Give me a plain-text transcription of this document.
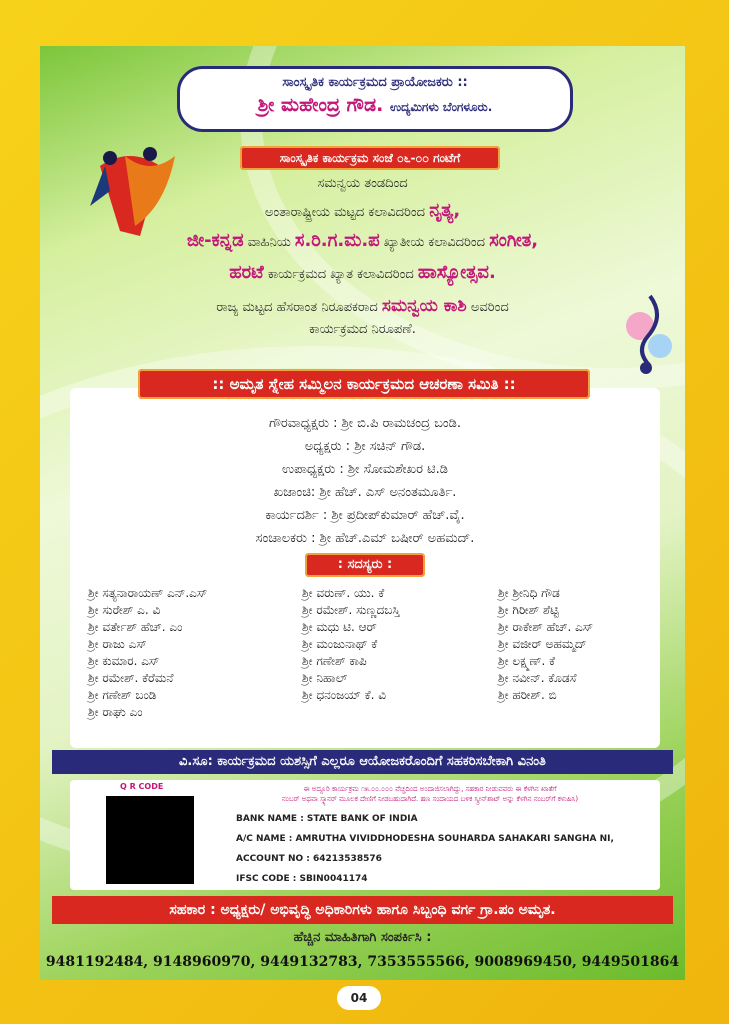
ಸಾಂಸ್ಕೃತಿಕ ಕಾರ್ಯಕ್ರಮದ ಪ್ರಾಯೋಜಕರು ::
ಶ್ರೀ ಮಹೇಂದ್ರ ಗೌಡ. ಉದ್ಯಮಿಗಳು ಬೆಂಗಳೂರು.
ಸಾಂಸ್ಕೃತಿಕ ಕಾರ್ಯಕ್ರಮ ಸಂಜೆ ೦೬-೦೦ ಗಂಟೆಗೆ
ಸಮನ್ವಯ ತಂಡದಿಂದ
ಅಂತಾರಾಷ್ಟ್ರೀಯ ಮಟ್ಟದ ಕಲಾವಿದರಿಂದ ನೃತ್ಯ,
ಜೀ-ಕನ್ನಡ ವಾಹಿನಿಯ ಸ.ರಿ.ಗ.ಮ.ಪ ಖ್ಯಾತೀಯ ಕಲಾವಿದರಿಂದ ಸಂಗೀತ,
ಹರಟೆ ಕಾರ್ಯಕ್ರಮದ ಖ್ಯಾತ ಕಲಾವಿದರಿಂದ ಹಾಸ್ಯೋತ್ಸವ.
ರಾಜ್ಯ ಮಟ್ಟದ ಹೆಸರಾಂತ ನಿರೂಪಕರಾದ ಸಮನ್ವಯ ಕಾಶಿ ಅವರಿಂದ
ಕಾರ್ಯಕ್ರಮದ ನಿರೂಪಣೆ.
ಗೌರವಾಧ್ಯಕ್ಷರು : ಶ್ರೀ ಬಿ.ಪಿ ರಾಮಚಂದ್ರ ಬಂಡಿ.
ಅಧ್ಯಕ್ಷರು : ಶ್ರೀ ಸಚಿನ್ ಗೌಡ.
ಉಪಾಧ್ಯಕ್ಷರು : ಶ್ರೀ ಸೋಮಶೇಖರ ಟಿ.ಡಿ
ಖಜಾಂಚಿ: ಶ್ರೀ ಹೆಚ್. ಎಸ್ ಅನಂತಮೂರ್ತಿ.
ಕಾರ್ಯದರ್ಶಿ : ಶ್ರೀ ಪ್ರದೀಪ್‌ಕುಮಾರ್ ಹೆಚ್.ವೈ.
ಸಂಚಾಲಕರು : ಶ್ರೀ ಹೆಚ್.ಎಮ್ ಬಷೀರ್ ಅಹಮದ್.
:: ಅಮೃತ ಸ್ನೇಹ ಸಮ್ಮಿಲನ ಕಾರ್ಯಕ್ರಮದ ಆಚರಣಾ ಸಮಿತಿ ::
: ಸದಸ್ಯರು :
ಶ್ರೀ ಸತ್ಯನಾರಾಯಣ್ ಎನ್.ಎಸ್
ಶ್ರೀ ಸುರೇಶ್ ಎ. ವಿ
ಶ್ರೀ ವರ್ತೇಶ್ ಹೆಚ್. ಎಂ
ಶ್ರೀ ರಾಜು ಎಸ್
ಶ್ರೀ ಕುಮಾರ. ಎಸ್
ಶ್ರೀ ರಮೇಶ್. ಕೆರೆಮನೆ
ಶ್ರೀ ಗಣೇಶ್ ಬಂಡಿ
ಶ್ರೀ ರಾಘು ಎಂ
ಶ್ರೀ ವರುಣ್. ಯು. ಕೆ
ಶ್ರೀ ರಮೇಶ್. ಸುಣ್ಣದಬಸ್ತಿ
ಶ್ರೀ ಮಧು ಟಿ. ಆರ್
ಶ್ರೀ ಮಂಜುನಾಥ್ ಕೆ
ಶ್ರೀ ಗಣೇಶ್ ಕಾಪಿ
ಶ್ರೀ ನಿಹಾಲ್
ಶ್ರೀ ಧನಂಜಯ್ ಕೆ. ವಿ
ಶ್ರೀ ಶ್ರೀನಿಧಿ ಗೌಡ
ಶ್ರೀ ಗಿರೀಶ್ ಶೆಟ್ಟಿ
ಶ್ರೀ ರಾಕೇಶ್ ಹೆಚ್. ಎಸ್
ಶ್ರೀ ವಜೀರ್ ಅಹಮ್ಮದ್
ಶ್ರೀ ಲಕ್ಷ್ಮಣ್. ಕೆ
ಶ್ರೀ ನವೀನ್. ಕೊಡಸೆ
ಶ್ರೀ ಹರೀಶ್. ಬಿ
ವಿ.ಸೂ: ಕಾರ್ಯಕ್ರಮದ ಯಶಸ್ಸಿಗೆ ಎಲ್ಲರೂ ಆಯೋಜಕರೊಂದಿಗೆ ಸಹಕರಿಸಬೇಕಾಗಿ ವಿನಂತಿ
Q R CODE	ಈ ಅದ್ದೂರಿ ಕಾರ್ಯಕ್ರಮ ೧೫.೦೦.೦೦೦ ವೆಚ್ಚದಿಂದ ಅಂದಾಜಿಸಲಾಗಿದ್ದು, ಸಹಕಾರ ನೀಡುವವರು ಈ ಕೆಳಗಿನ ಖಾತೆಗೆ
ನಂಬರ್ ಅಥವಾ ಸ್ಕ್ಯಾನರ್ ಮೂಲಕ ದೇಣಿಗೆ ನೀಡಬಹುದಾಗಿದೆ. ಹಣ ಸಂದಾಯದ ಬಳಿಕ ಸ್ಕ್ರೀನ್‌ಶಾಟ್ ಅನ್ನು ಕೆಳಗಿನ ನಂಬರ್‌ಗೆ ಕಳುಹಿಸಿ)
BANK NAME : STATE BANK OF INDIA
A/C NAME : AMRUTHA VIVIDDHODESHA SOUHARDA SAHAKARI SANGHA NI,
ACCOUNT NO : 64213538576
IFSC CODE : SBIN0041174
ಸಹಕಾರ : ಅಧ್ಯಕ್ಷರು/ ಅಭಿವೃದ್ಧಿ ಅಧಿಕಾರಿಗಳು ಹಾಗೂ ಸಿಬ್ಬಂಧಿ ವರ್ಗ ಗ್ರಾ.ಪಂ ಅಮೃತ.
ಹೆಚ್ಚಿನ ಮಾಹಿತಿಗಾಗಿ ಸಂಪರ್ಕಿಸಿ :
9481192484, 9148960970, 9449132783, 7353555566, 9008969450, 9449501864
04
